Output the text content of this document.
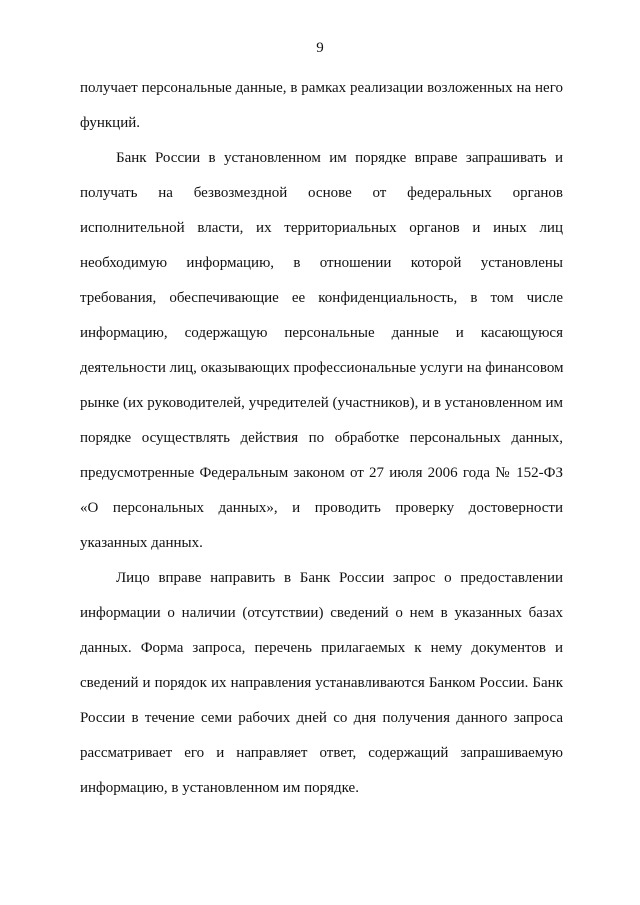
9
получает персональные данные, в рамках реализации возложенных на него
функций.
Банк России в установленном им порядке вправе запрашивать и
получать на безвозмездной основе от федеральных органов
исполнительной власти, их территориальных органов и иных лиц
необходимую информацию, в отношении которой установлены
требования, обеспечивающие ее конфиденциальность, в том числе
информацию, содержащую персональные данные и касающуюся
деятельности лиц, оказывающих профессиональные услуги на финансовом
рынке (их руководителей, учредителей (участников), и в установленном им
порядке осуществлять действия по обработке персональных данных,
предусмотренные Федеральным законом от 27 июля 2006 года № 152-ФЗ
«О персональных данных», и проводить проверку достоверности
указанных данных.
Лицо вправе направить в Банк России запрос о предоставлении
информации о наличии (отсутствии) сведений о нем в указанных базах
данных. Форма запроса, перечень прилагаемых к нему документов и
сведений и порядок их направления устанавливаются Банком России. Банк
России в течение семи рабочих дней со дня получения данного запроса
рассматривает его и направляет ответ, содержащий запрашиваемую
информацию, в установленном им порядке.
